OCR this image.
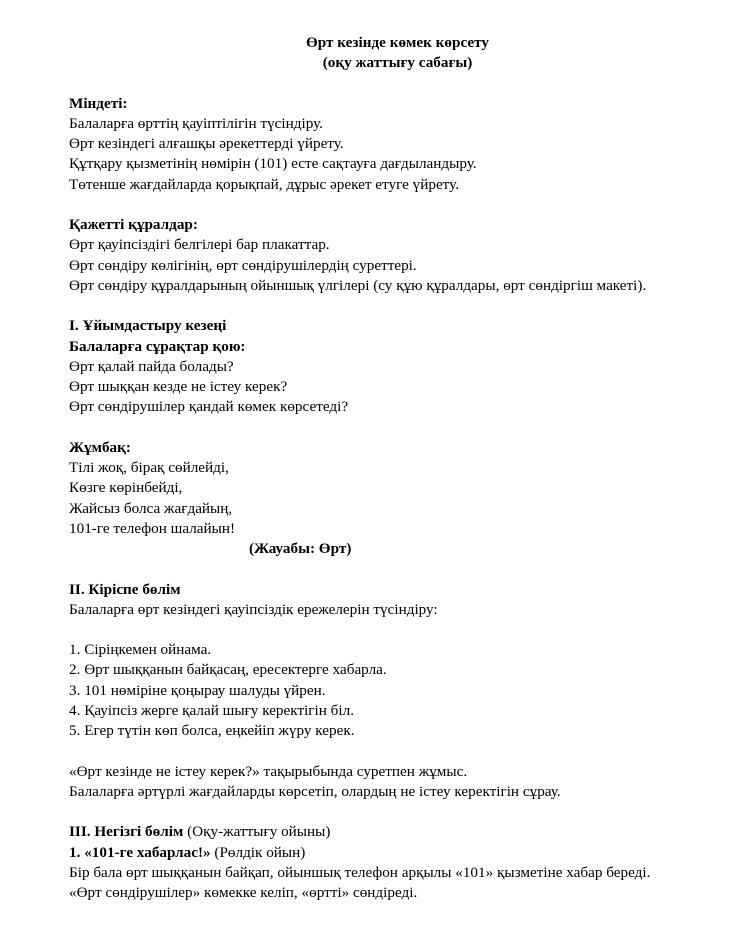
Өрт кезінде көмек көрсету
(оқу жаттығу сабағы)
Міндеті:
Балаларға өрттің қауіптілігін түсіндіру.
Өрт кезіндегі алғашқы әрекеттерді үйрету.
Құтқару қызметінің нөмірін (101) есте сақтауға дағдыландыру.
Төтенше жағдайларда қорықпай, дұрыс әрекет етуге үйрету.
Қажетті құралдар:
Өрт қауіпсіздігі белгілері бар плакаттар.
Өрт сөндіру көлігінің, өрт сөндірушілердің суреттері.
Өрт сөндіру құралдарының ойыншық үлгілері (су құю құралдары, өрт сөндіргіш макеті).
I. Ұйымдастыру кезеңі
Балаларға сұрақтар қою:
Өрт қалай пайда болады?
Өрт шыққан кезде не істеу керек?
Өрт сөндірушілер қандай көмек көрсетеді?
Жұмбақ:
Тілі жоқ, бірақ сөйлейді,
Көзге көрінбейді,
Жайсыз болса жағдайың,
101-ге телефон шалайын!
(Жауабы: Өрт)
II. Кіріспе бөлім
Балаларға өрт кезіндегі қауіпсіздік ережелерін түсіндіру:
1. Сіріңкемен ойнама.
2. Өрт шыққанын байқасаң, ересектерге хабарла.
3. 101 нөміріне қоңырау шалуды үйрен.
4. Қауіпсіз жерге қалай шығу керектігін біл.
5. Егер түтін көп болса, еңкейіп жүру керек.
«Өрт кезінде не істеу керек?» тақырыбында суретпен жұмыс.
Балаларға әртүрлі жағдайларды көрсетіп, олардың не істеу керектігін сұрау.
III. Негізгі бөлім (Оқу-жаттығу ойыны)
1. «101-ге хабарлас!» (Рөлдік ойын)
Бір бала өрт шыққанын байқап, ойыншық телефон арқылы «101» қызметіне хабар береді.
«Өрт сөндірушілер» көмекке келіп, «өртті» сөндіреді.
